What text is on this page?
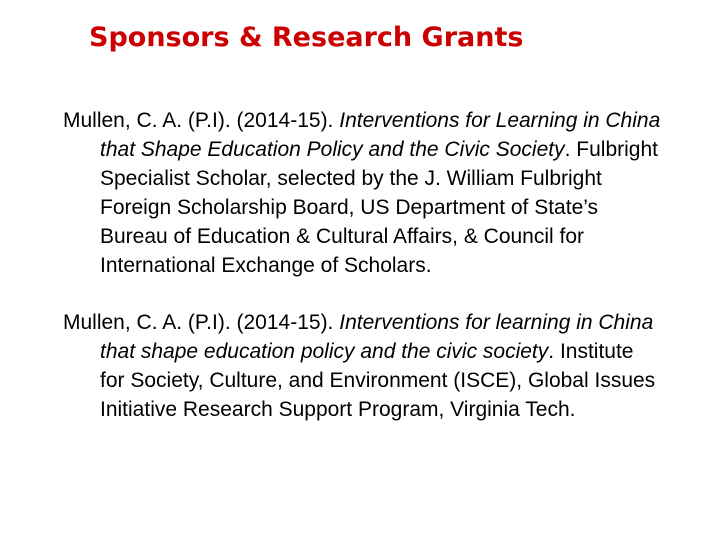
Sponsors & Research Grants

Mullen, C. A. (P.I). (2014-15). Interventions for Learning in China that Shape Education Policy and the Civic Society. Fulbright Specialist Scholar, selected by the J. William Fulbright Foreign Scholarship Board, US Department of State’s Bureau of Education & Cultural Affairs, & Council for International Exchange of Scholars.

Mullen, C. A. (P.I). (2014-15). Interventions for learning in China that shape education policy and the civic society. Institute for Society, Culture, and Environment (ISCE), Global Issues Initiative Research Support Program, Virginia Tech.
